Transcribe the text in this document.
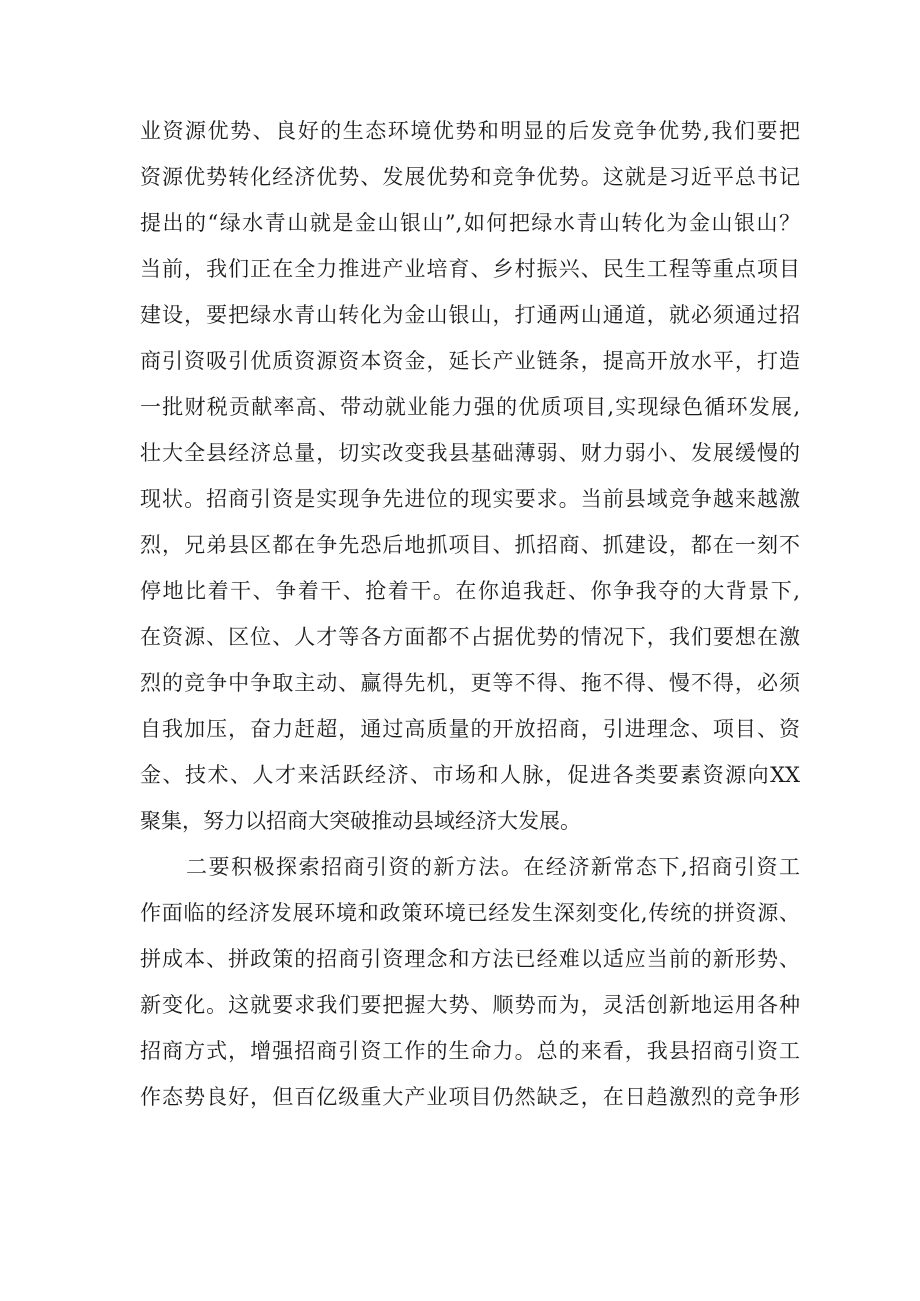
业资源优势、良好的生态环境优势和明显的后发竞争优势,我们要把
资源优势转化经济优势、发展优势和竞争优势。这就是习近平总书记
提出的“绿水青山就是金山银山”,如何把绿水青山转化为金山银山？
当前，我们正在全力推进产业培育、乡村振兴、民生工程等重点项目
建设，要把绿水青山转化为金山银山，打通两山通道，就必须通过招
商引资吸引优质资源资本资金，延长产业链条，提高开放水平，打造
一批财税贡献率高、带动就业能力强的优质项目,实现绿色循环发展,
壮大全县经济总量，切实改变我县基础薄弱、财力弱小、发展缓慢的
现状。招商引资是实现争先进位的现实要求。当前县域竞争越来越激
烈，兄弟县区都在争先恐后地抓项目、抓招商、抓建设，都在一刻不
停地比着干、争着干、抢着干。在你追我赶、你争我夺的大背景下,
在资源、区位、人才等各方面都不占据优势的情况下，我们要想在激
烈的竞争中争取主动、赢得先机，更等不得、拖不得、慢不得，必须
自我加压，奋力赶超，通过高质量的开放招商，引进理念、项目、资
金、技术、人才来活跃经济、市场和人脉，促进各类要素资源向XX
聚集，努力以招商大突破推动县域经济大发展。
二要积极探索招商引资的新方法。在经济新常态下,招商引资工
作面临的经济发展环境和政策环境已经发生深刻变化,传统的拼资源、
拼成本、拼政策的招商引资理念和方法已经难以适应当前的新形势、
新变化。这就要求我们要把握大势、顺势而为，灵活创新地运用各种
招商方式，增强招商引资工作的生命力。总的来看，我县招商引资工
作态势良好，但百亿级重大产业项目仍然缺乏，在日趋激烈的竞争形
